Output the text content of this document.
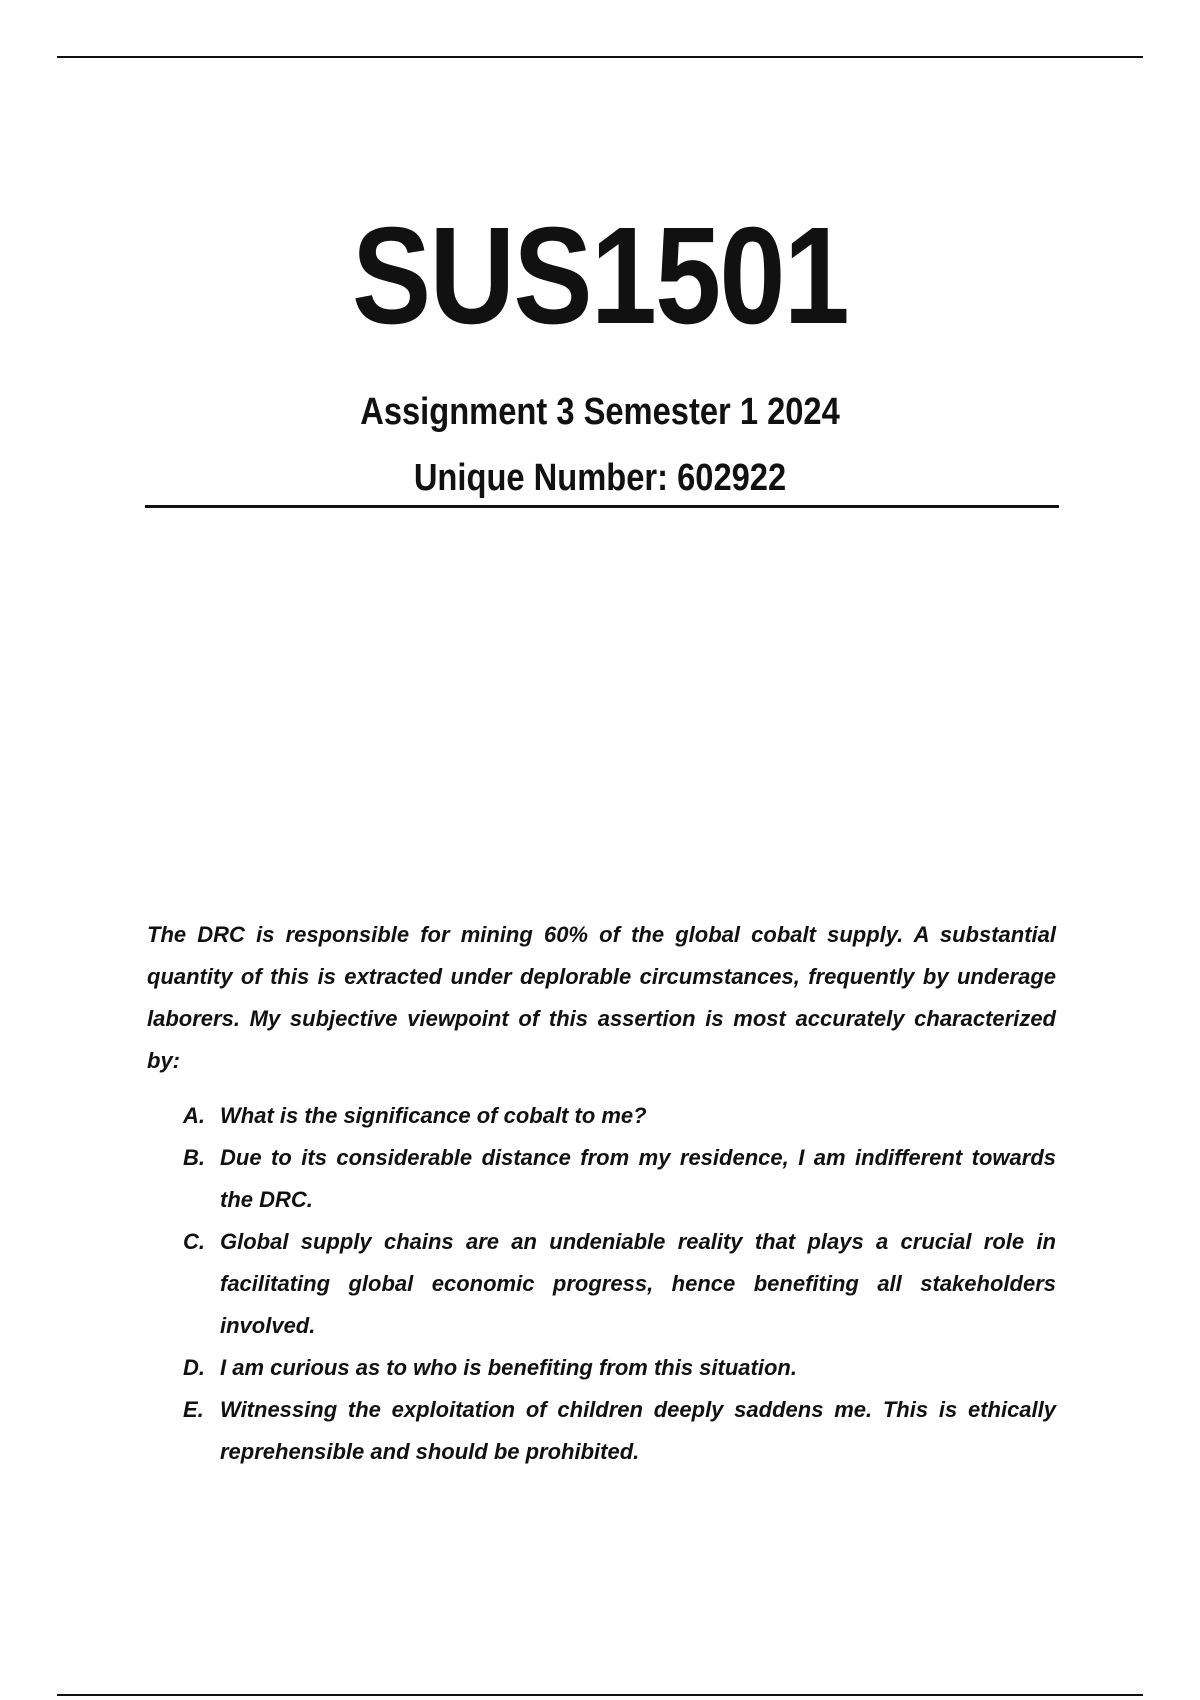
SUS1501
Assignment 3 Semester 1 2024
Unique Number: 602922

The DRC is responsible for mining 60% of the global cobalt supply. A substantial quantity of this is extracted under deplorable circumstances, frequently by underage laborers. My subjective viewpoint of this assertion is most accurately characterized by:

A. What is the significance of cobalt to me?
B. Due to its considerable distance from my residence, I am indifferent towards the DRC.
C. Global supply chains are an undeniable reality that plays a crucial role in facilitating global economic progress, hence benefiting all stakeholders involved.
D. I am curious as to who is benefiting from this situation.
E. Witnessing the exploitation of children deeply saddens me. This is ethically reprehensible and should be prohibited.
